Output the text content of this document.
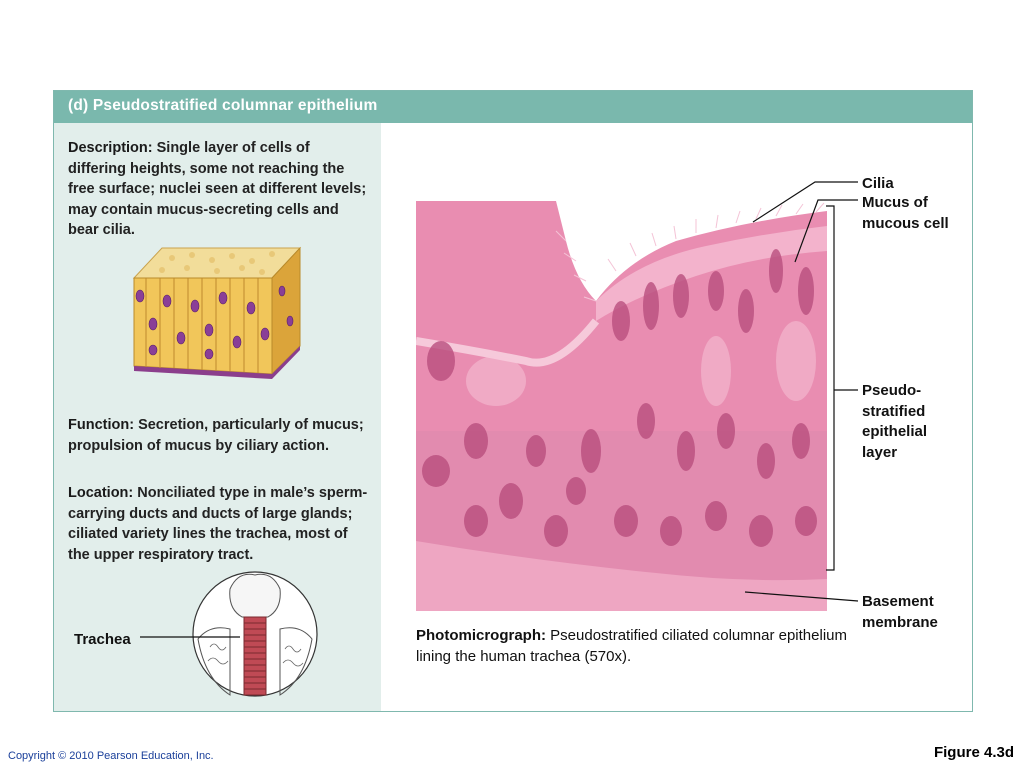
(d) Pseudostratified columnar epithelium
Description: Single layer of cells of differing heights, some not reaching the free surface; nuclei seen at different levels; may contain mucus-secreting cells and bear cilia.
Function: Secretion, particularly of mucus; propulsion of mucus by ciliary action.
Location: Nonciliated type in male’s sperm-carrying ducts and ducts of large glands; ciliated variety lines the trachea, most of the upper respiratory tract.
Trachea	Photomicrograph: Pseudostratified ciliated columnar epithelium lining the human trachea (570x).
Cilia
Mucus of
mucous cell
Pseudo-
stratified
epithelial
layer
Basement
membrane
Copyright © 2010 Pearson Education, Inc.	Figure 4.3d
